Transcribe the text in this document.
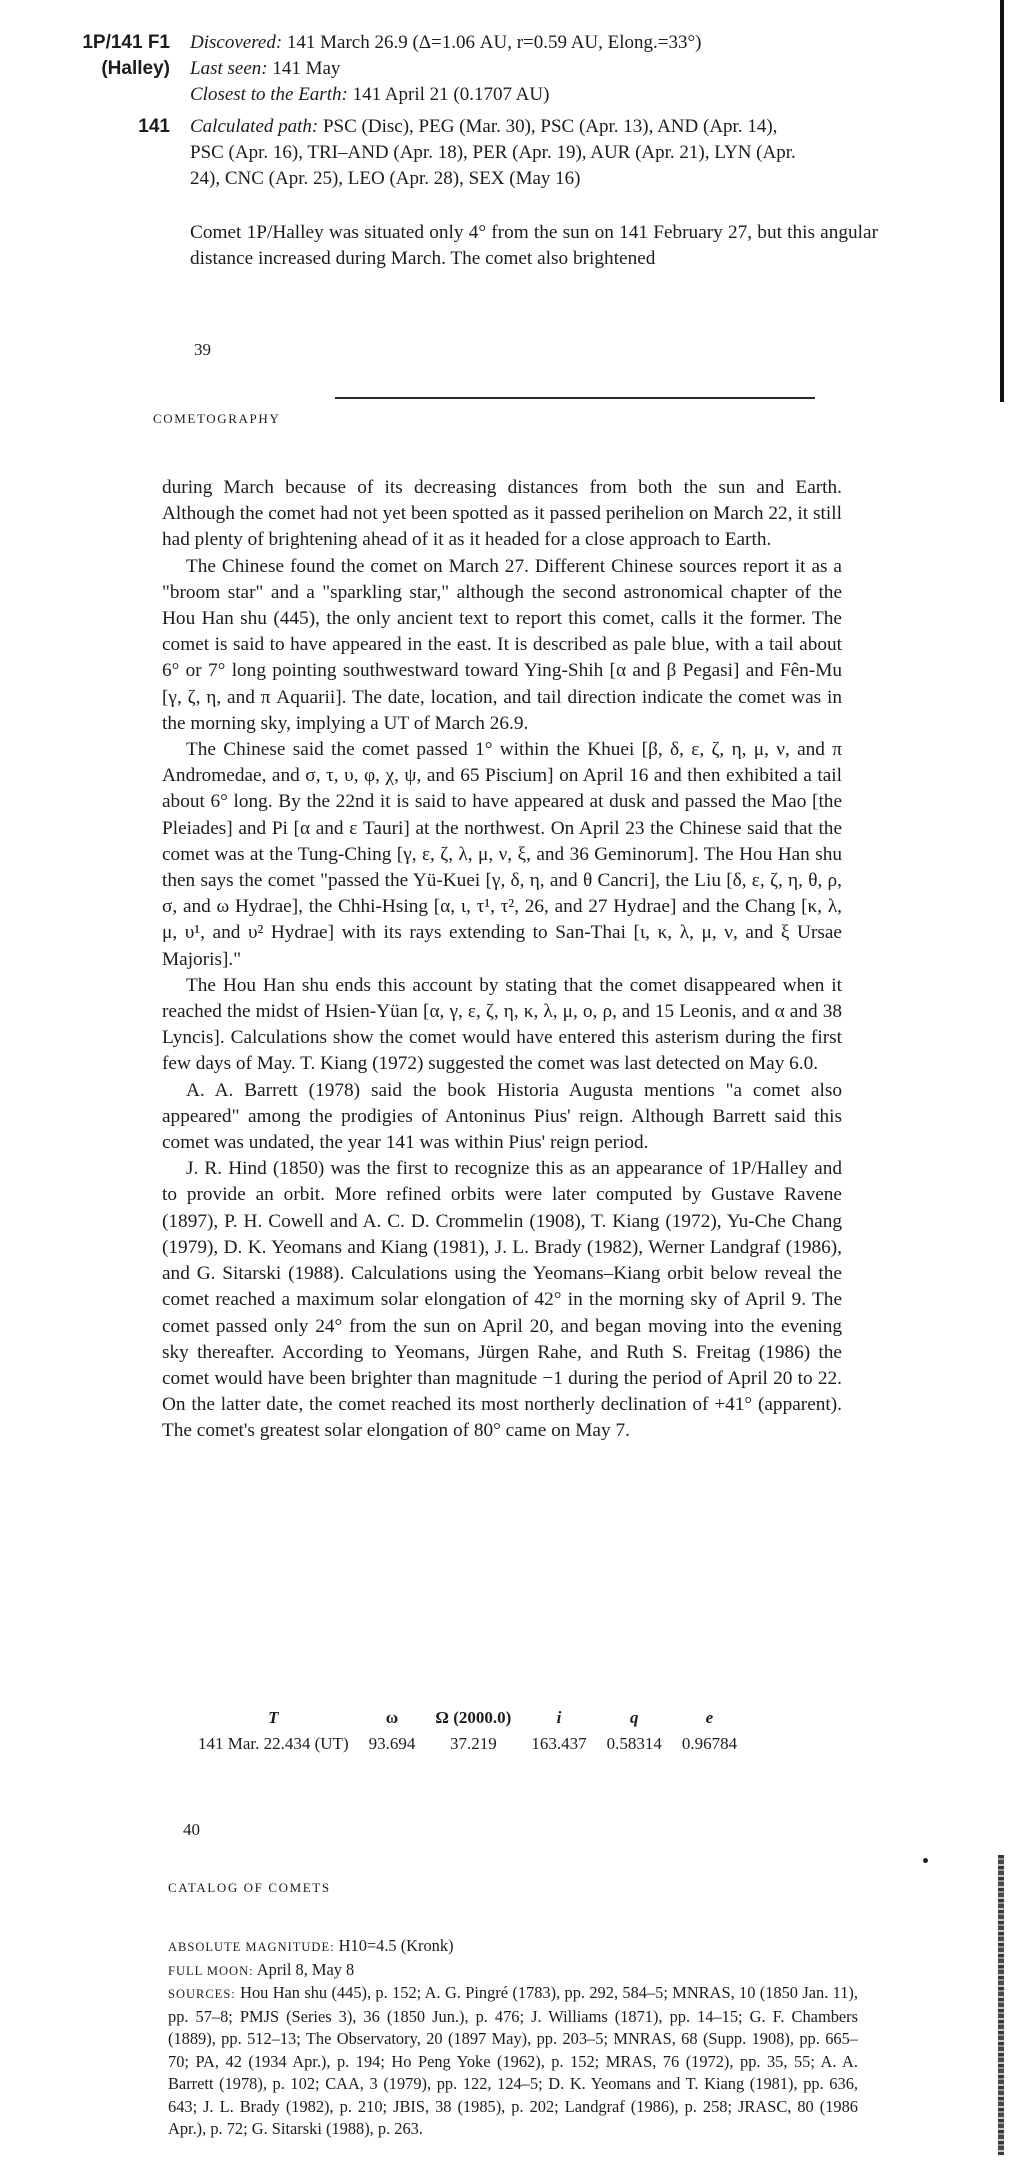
1P/141 F1
(Halley)
141
Discovered: 141 March 26.9 (Δ=1.06 AU, r=0.59 AU, Elong.=33°)
Last seen: 141 May
Closest to the Earth: 141 April 21 (0.1707 AU)
Calculated path: PSC (Disc), PEG (Mar. 30), PSC (Apr. 13), AND (Apr. 14),
PSC (Apr. 16), TRI–AND (Apr. 18), PER (Apr. 19), AUR (Apr. 21), LYN (Apr.
24), CNC (Apr. 25), LEO (Apr. 28), SEX (May 16)

Comet 1P/Halley was situated only 4° from the sun on 141 February 27, but this angular distance increased during March. The comet also brightened

39
COMETOGRAPHY

during March because of its decreasing distances from both the sun and Earth. Although the comet had not yet been spotted as it passed perihelion on March 22, it still had plenty of brightening ahead of it as it headed for a close approach to Earth.

The Chinese found the comet on March 27. Different Chinese sources report it as a "broom star" and a "sparkling star," although the second astronomical chapter of the Hou Han shu (445), the only ancient text to report this comet, calls it the former. The comet is said to have appeared in the east. It is described as pale blue, with a tail about 6° or 7° long pointing southwestward toward Ying-Shih [α and β Pegasi] and Fên-Mu [γ, ζ, η, and π Aquarii]. The date, location, and tail direction indicate the comet was in the morning sky, implying a UT of March 26.9.

The Chinese said the comet passed 1° within the Khuei [β, δ, ε, ζ, η, μ, ν, and π Andromedae, and σ, τ, υ, φ, χ, ψ, and 65 Piscium] on April 16 and then exhibited a tail about 6° long. By the 22nd it is said to have appeared at dusk and passed the Mao [the Pleiades] and Pi [α and ε Tauri] at the northwest. On April 23 the Chinese said that the comet was at the Tung-Ching [γ, ε, ζ, λ, μ, ν, ξ, and 36 Geminorum]. The Hou Han shu then says the comet "passed the Yü-Kuei [γ, δ, η, and θ Cancri], the Liu [δ, ε, ζ, η, θ, ρ, σ, and ω Hydrae], the Chhi-Hsing [α, ι, τ¹, τ², 26, and 27 Hydrae] and the Chang [κ, λ, μ, υ¹, and υ² Hydrae] with its rays extending to San-Thai [ι, κ, λ, μ, ν, and ξ Ursae Majoris]."

The Hou Han shu ends this account by stating that the comet disappeared when it reached the midst of Hsien-Yüan [α, γ, ε, ζ, η, κ, λ, μ, ο, ρ, and 15 Leonis, and α and 38 Lyncis]. Calculations show the comet would have entered this asterism during the first few days of May. T. Kiang (1972) suggested the comet was last detected on May 6.0.

A. A. Barrett (1978) said the book Historia Augusta mentions "a comet also appeared" among the prodigies of Antoninus Pius' reign. Although Barrett said this comet was undated, the year 141 was within Pius' reign period.

J. R. Hind (1850) was the first to recognize this as an appearance of 1P/Halley and to provide an orbit. More refined orbits were later computed by Gustave Ravene (1897), P. H. Cowell and A. C. D. Crommelin (1908), T. Kiang (1972), Yu-Che Chang (1979), D. K. Yeomans and Kiang (1981), J. L. Brady (1982), Werner Landgraf (1986), and G. Sitarski (1988). Calculations using the Yeomans–Kiang orbit below reveal the comet reached a maximum solar elongation of 42° in the morning sky of April 9. The comet passed only 24° from the sun on April 20, and began moving into the evening sky thereafter. According to Yeomans, Jürgen Rahe, and Ruth S. Freitag (1986) the comet would have been brighter than magnitude −1 during the period of April 20 to 22. On the latter date, the comet reached its most northerly declination of +41° (apparent). The comet's greatest solar elongation of 80° came on May 7.

T	ω	Ω (2000.0)	i	q	e
141 Mar. 22.434 (UT)	93.694	37.219	163.437	0.58314	0.96784
40
CATALOG OF COMETS
ABSOLUTE MAGNITUDE: H10=4.5 (Kronk)
FULL MOON: April 8, May 8
SOURCES: Hou Han shu (445), p. 152; A. G. Pingré (1783), pp. 292, 584–5; MNRAS, 10 (1850 Jan. 11), pp. 57–8; PMJS (Series 3), 36 (1850 Jun.), p. 476; J. Williams (1871), pp. 14–15; G. F. Chambers (1889), pp. 512–13; The Observatory, 20 (1897 May), pp. 203–5; MNRAS, 68 (Supp. 1908), pp. 665–70; PA, 42 (1934 Apr.), p. 194; Ho Peng Yoke (1962), p. 152; MRAS, 76 (1972), pp. 35, 55; A. A. Barrett (1978), p. 102; CAA, 3 (1979), pp. 122, 124–5; D. K. Yeomans and T. Kiang (1981), pp. 636, 643; J. L. Brady (1982), p. 210; JBIS, 38 (1985), p. 202; Landgraf (1986), p. 258; JRASC, 80 (1986 Apr.), p. 72; G. Sitarski (1988), p. 263.
